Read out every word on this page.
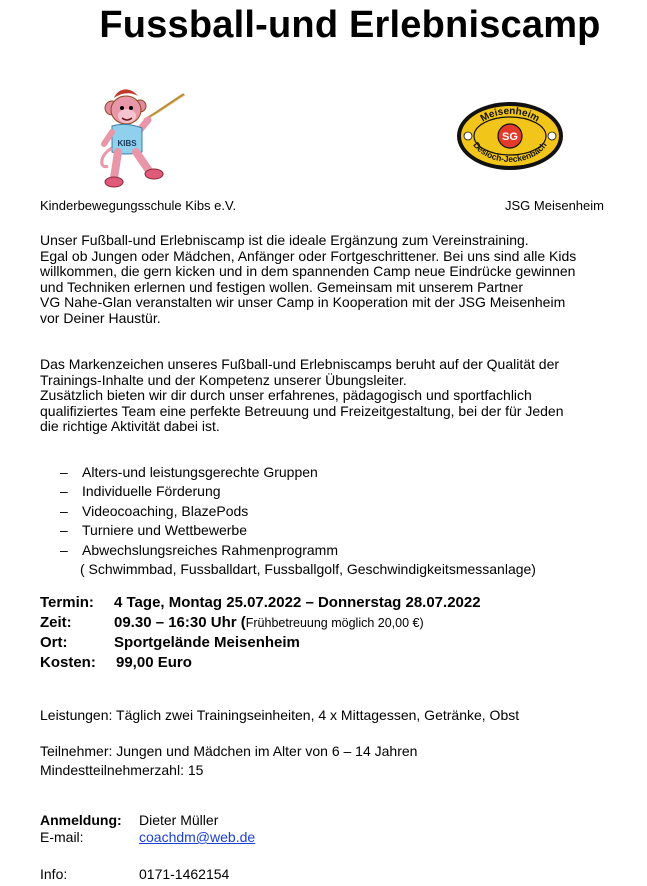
Fussball-und Erlebniscamp
KIBS
Meisenheim
Desloch-Jeckenbach
SG
Kinderbewegungsschule Kibs e.V.	JSG Meisenheim
Unser Fußball-und Erlebniscamp ist die ideale Ergänzung zum Vereinstraining.
Egal ob Jungen oder Mädchen, Anfänger oder Fortgeschrittener. Bei uns sind alle Kids
willkommen, die gern kicken und in dem spannenden Camp neue Eindrücke gewinnen
und Techniken erlernen und festigen wollen. Gemeinsam mit unserem Partner
VG Nahe-Glan veranstalten wir unser Camp in Kooperation mit der JSG Meisenheim
vor Deiner Haustür.
Das Markenzeichen unseres Fußball-und Erlebniscamps beruht auf der Qualität der
Trainings-Inhalte und der Kompetenz unserer Übungsleiter.
Zusätzlich bieten wir dir durch unser erfahrenes, pädagogisch und sportfachlich
qualifiziertes Team eine perfekte Betreuung und Freizeitgestaltung, bei der für Jeden
die richtige Aktivität dabei ist.
– Alters-und leistungsgerechte Gruppen
– Individuelle Förderung
– Videocoaching, BlazePods
– Turniere und Wettbewerbe
– Abwechslungsreiches Rahmenprogramm
( Schwimmbad, Fussballdart, Fussballgolf, Geschwindigkeitsmessanlage)
Termin: 4 Tage, Montag 25.07.2022 – Donnerstag 28.07.2022
Zeit:	09.30 – 16:30 Uhr (Frühbetreuung möglich 20,00 €)
Ort:	Sportgelände Meisenheim
Kosten: 99,00 Euro
Leistungen: Täglich zwei Trainingseinheiten, 4 x Mittagessen, Getränke, Obst
Teilnehmer: Jungen und Mädchen im Alter von 6 – 14 Jahren
Mindestteilnehmerzahl: 15
Anmeldung: Dieter Müller
E-mail:	coachdm@web.de
Info:	0171-1462154
